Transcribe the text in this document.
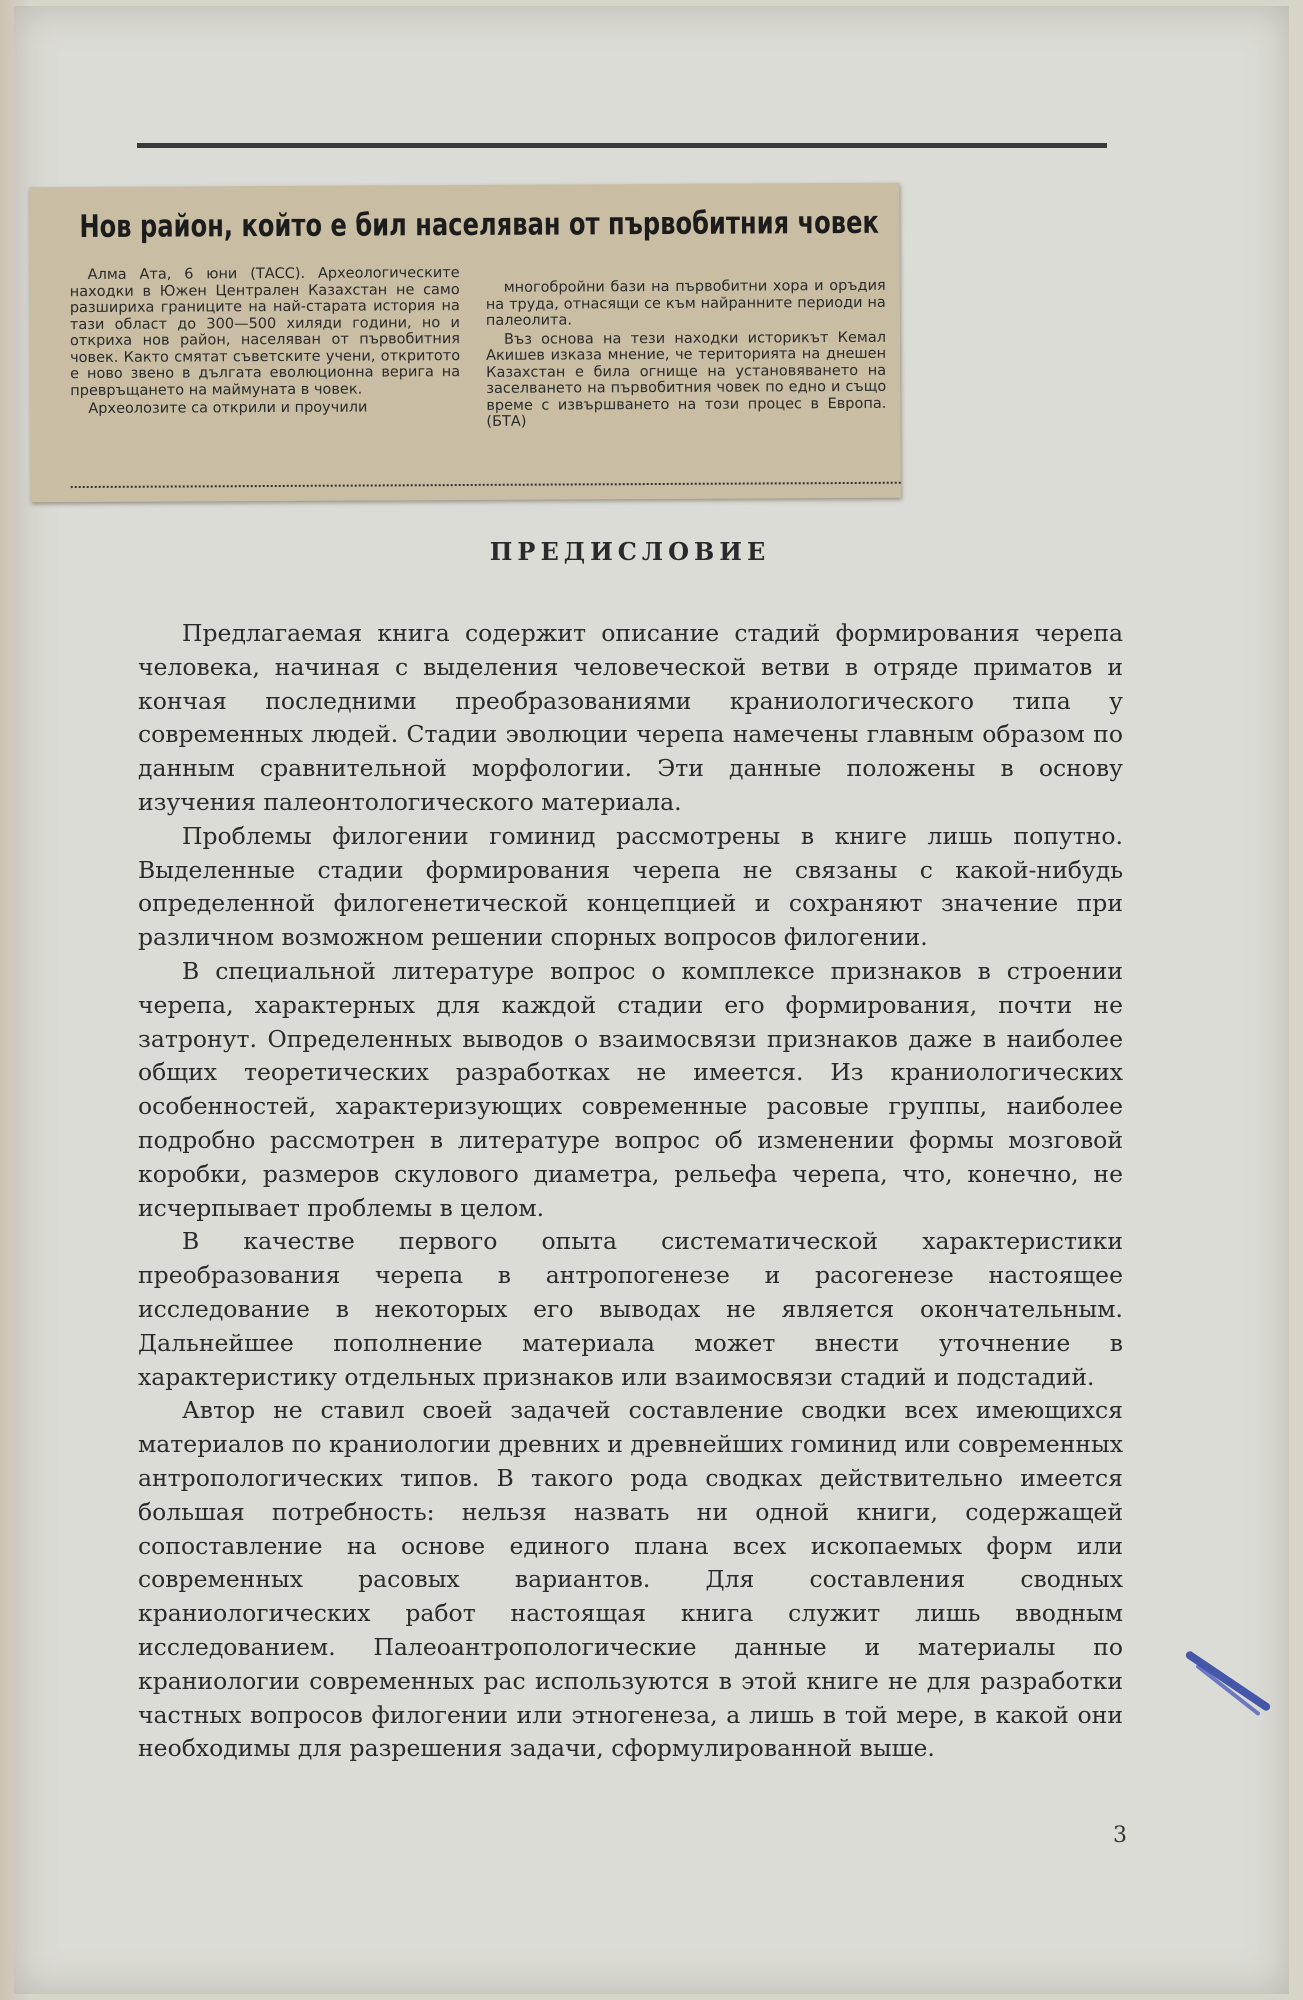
Нов район, който е бил населяван от първобитния човек

Алма Ата, 6 юни (ТАСС). Археологическите находки в Южен Централен Казахстан не само разшириха границите на най-старата история на тази област до 300—500 хиляди години, но и откриха нов район, населяван от първобитния човек. Както смятат съветските учени, откритото е ново звено в дългата еволюционна верига на превръщането на маймуната в човек.

Археолозите са открили и проучили

многобройни бази на първобитни хора и оръдия на труда, отнасящи се към найранните периоди на палеолита.

Въз основа на тези находки историкът Кемал Акишев изказа мнение, че територията на днешен Казахстан е била огнище на установяването на заселването на първобитния човек по едно и също време с извършването на този процес в Европа. (БТА)

ПРЕДИСЛОВИЕ

Предлагаемая книга содержит описание стадий формирования черепа человека, начиная с выделения человеческой ветви в отряде приматов и кончая последними преобразованиями краниологического типа у современных людей. Стадии эволюции черепа намечены главным образом по данным сравнительной морфологии. Эти данные положены в основу изучения палеонтологического материала.

Проблемы филогении гоминид рассмотрены в книге лишь попутно. Выделенные стадии формирования черепа не связаны с какой-нибудь определенной филогенетической концепцией и сохраняют значение при различном возможном решении спорных вопросов филогении.

В специальной литературе вопрос о комплексе признаков в строении черепа, характерных для каждой стадии его формирования, почти не затронут. Определенных выводов о взаимосвязи признаков даже в наиболее общих теоретических разработках не имеется. Из краниологических особенностей, характеризующих современные расовые группы, наиболее подробно рассмотрен в литературе вопрос об изменении формы мозговой коробки, размеров скулового диаметра, рельефа черепа, что, конечно, не исчерпывает проблемы в целом.

В качестве первого опыта систематической характеристики преобразования черепа в антропогенезе и расогенезе настоящее исследование в некоторых его выводах не является окончательным. Дальнейшее пополнение материала может внести уточнение в характеристику отдельных признаков или взаимосвязи стадий и подстадий.

Автор не ставил своей задачей составление сводки всех имеющихся материалов по краниологии древних и древнейших гоминид или современных антропологических типов. В такого рода сводках действительно имеется большая потребность: нельзя назвать ни одной книги, содержащей сопоставление на основе единого плана всех ископаемых форм или современных расовых вариантов. Для составления сводных краниологических работ настоящая книга служит лишь вводным исследованием. Палеоантропологические данные и материалы по краниологии современных рас используются в этой книге не для разработки частных вопросов филогении или этногенеза, а лишь в той мере, в какой они необходимы для разрешения задачи, сформулированной выше.

3
